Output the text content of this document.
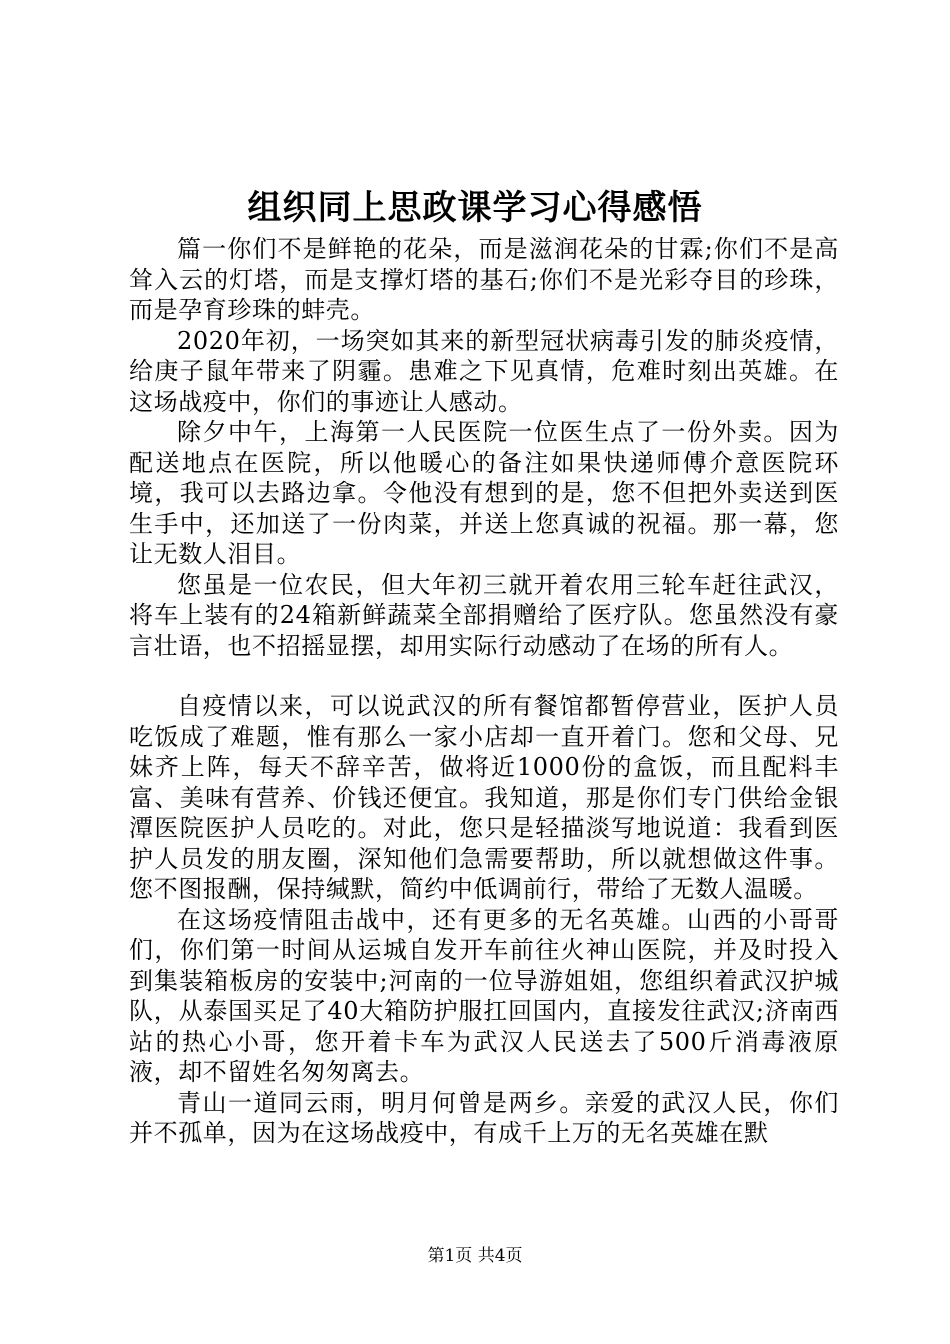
组织同上思政课学习心得感悟

篇一你们不是鲜艳的花朵，而是滋润花朵的甘霖;你们不是高耸入云的灯塔，而是支撑灯塔的基石;你们不是光彩夺目的珍珠，而是孕育珍珠的蚌壳。

2020年初，一场突如其来的新型冠状病毒引发的肺炎疫情，给庚子鼠年带来了阴霾。患难之下见真情，危难时刻出英雄。在这场战疫中，你们的事迹让人感动。

除夕中午，上海第一人民医院一位医生点了一份外卖。因为配送地点在医院，所以他暖心的备注如果快递师傅介意医院环境，我可以去路边拿。令他没有想到的是，您不但把外卖送到医生手中，还加送了一份肉菜，并送上您真诚的祝福。那一幕，您让无数人泪目。

您虽是一位农民，但大年初三就开着农用三轮车赶往武汉，将车上装有的24箱新鲜蔬菜全部捐赠给了医疗队。您虽然没有豪言壮语，也不招摇显摆，却用实际行动感动了在场的所有人。

自疫情以来，可以说武汉的所有餐馆都暂停营业，医护人员吃饭成了难题，惟有那么一家小店却一直开着门。您和父母、兄妹齐上阵，每天不辞辛苦，做将近1000份的盒饭，而且配料丰富、美味有营养、价钱还便宜。我知道，那是你们专门供给金银潭医院医护人员吃的。对此，您只是轻描淡写地说道：我看到医护人员发的朋友圈，深知他们急需要帮助，所以就想做这件事。您不图报酬，保持缄默，简约中低调前行，带给了无数人温暖。

在这场疫情阻击战中，还有更多的无名英雄。山西的小哥哥们，你们第一时间从运城自发开车前往火神山医院，并及时投入到集装箱板房的安装中;河南的一位导游姐姐，您组织着武汉护城队，从泰国买足了40大箱防护服扛回国内，直接发往武汉;济南西站的热心小哥，您开着卡车为武汉人民送去了500斤消毒液原液，却不留姓名匆匆离去。

青山一道同云雨，明月何曾是两乡。亲爱的武汉人民，你们并不孤单，因为在这场战疫中，有成千上万的无名英雄在默

第1页 共4页
